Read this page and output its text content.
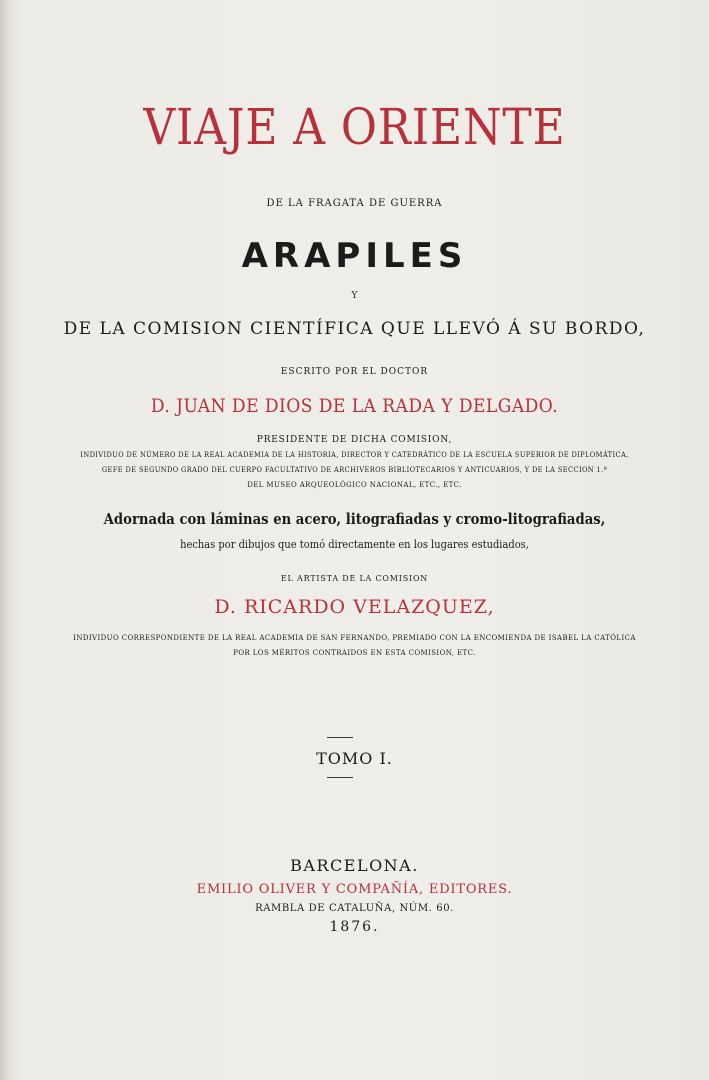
VIAJE A ORIENTE
DE LA FRAGATA DE GUERRA
ARAPILES
Y
DE LA COMISION CIENTÍFICA QUE LLEVÓ Á SU BORDO,
ESCRITO POR EL DOCTOR
D. JUAN DE DIOS DE LA RADA Y DELGADO.
PRESIDENTE DE DICHA COMISION,
INDIVIDUO DE NÚMERO DE LA REAL ACADEMIA DE LA HISTORIA, DIRECTOR Y CATEDRÁTICO DE LA ESCUELA SUPERIOR DE DIPLOMÁTICA,
GEFE DE SEGUNDO GRADO DEL CUERPO FACULTATIVO DE ARCHIVEROS BIBLIOTECARIOS Y ANTICUARIOS, Y DE LA SECCION 1.ª
DEL MUSEO ARQUEOLÓGICO NACIONAL, ETC., ETC.
Adornada con láminas en acero, litografiadas y cromo-litografiadas,
hechas por dibujos que tomó directamente en los lugares estudiados,
EL ARTISTA DE LA COMISION
D. RICARDO VELAZQUEZ,
INDIVIDUO CORRESPONDIENTE DE LA REAL ACADEMIA DE SAN FERNANDO, PREMIADO CON LA ENCOMIENDA DE ISABEL LA CATÓLICA
POR LOS MÉRITOS CONTRAIDOS EN ESTA COMISION, ETC.
TOMO I.
BARCELONA.
EMILIO OLIVER Y COMPAÑÍA, EDITORES.
RAMBLA DE CATALUÑA, NÚM. 60.
1876.
